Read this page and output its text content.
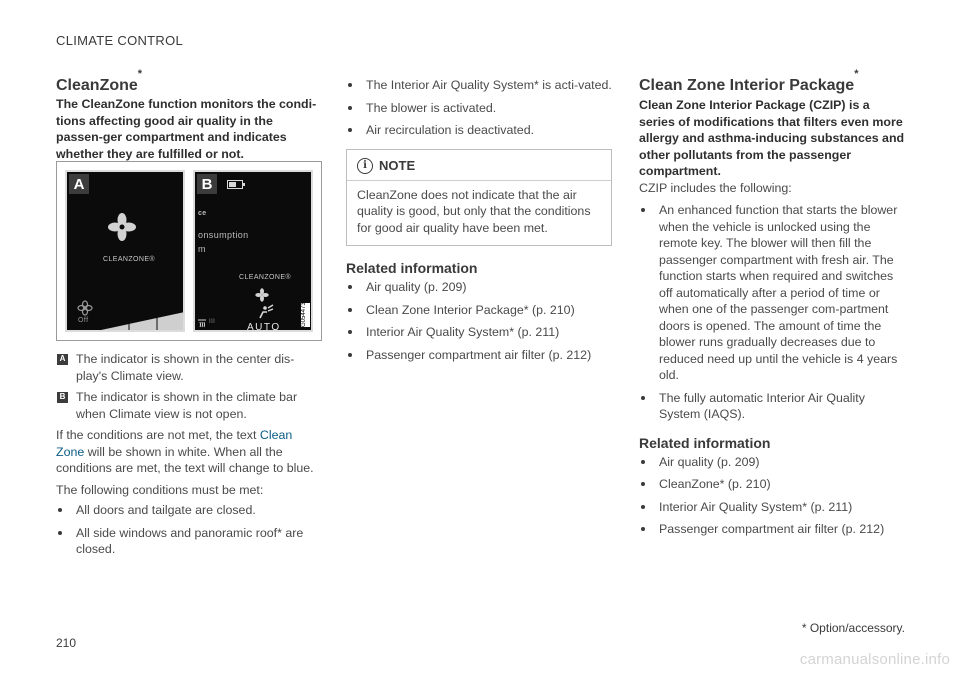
CLIMATE CONTROL
CleanZone*
The CleanZone function monitors the condi-tions affecting good air quality in the passen-ger compartment and indicates whether they are fulfilled or not.
A
CLEANZONE®
Off
B
ce
onsumption
m
CLEANZONE®
III	AUTO
G054473
A The indicator is shown in the center dis-play's Climate view.
B The indicator is shown in the climate bar when Climate view is not open.

If the conditions are not met, the text Clean Zone will be shown in white. When all the conditions are met, the text will change to blue.

The following conditions must be met:

All doors and tailgate are closed.
All side windows and panoramic roof* are closed.
The Interior Air Quality System* is acti-vated.
The blower is activated.
Air recirculation is deactivated.
i NOTE

CleanZone does not indicate that the air quality is good, but only that the conditions for good air quality have been met.

Related information
Air quality (p. 209)
Clean Zone Interior Package* (p. 210)
Interior Air Quality System* (p. 211)
Passenger compartment air filter (p. 212)
Clean Zone Interior Package*
Clean Zone Interior Package (CZIP) is a series of modifications that filters even more allergy and asthma-inducing substances and other pollutants from the passenger compartment.

CZIP includes the following:

An enhanced function that starts the blower when the vehicle is unlocked using the remote key. The blower will then fill the passenger compartment with fresh air. The function starts when required and switches off automatically after a period of time or when one of the passenger com-partment doors is opened. The amount of time the blower runs gradually decreases due to reduced need up until the vehicle is 4 years old.
The fully automatic Interior Air Quality System (IAQS).
Related information
Air quality (p. 209)
CleanZone* (p. 210)
Interior Air Quality System* (p. 211)
Passenger compartment air filter (p. 212)
* Option/accessory.
210
carmanualsonline.info
